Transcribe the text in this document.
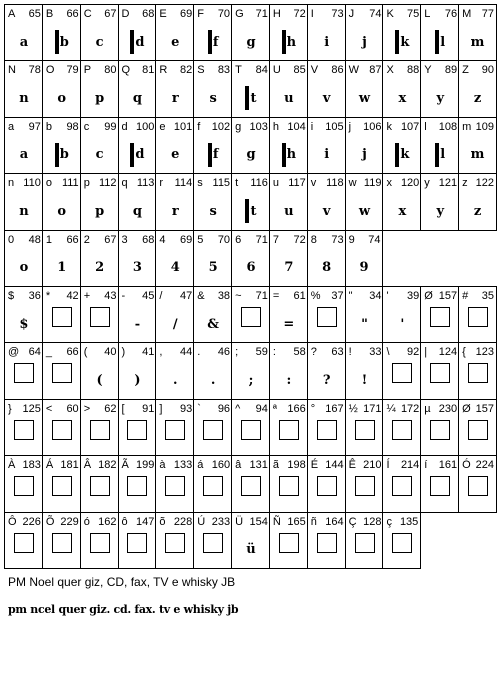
A 65
a
B 66
b
C 67
c
D 68
d
E 69
e
F 70
f
G 71
g
H 72
h
I 73
i
J 74
j
K 75
k
L 76
l
M 77
m
N 78
n
O 79
o
P 80
p
Q 81
q
R 82
r
S 83
s
T 84
t
U 85
u
V 86
v
W 87
w
X 88
x
Y 89
y
Z 90
z
a 97
a
b 98
b
c 99
c
d 100
d
e 101
e
f 102
f
g 103
g
h 104
h
i 105
i
j 106
j
k 107
k
l 108
l
m 109
m
n 110
n
o 111
o
p 112
p
q 113
q
r 114
r
s 115
s
t 116
t
u 117
u
v 118
v
w 119
w
x 120
x
y 121
y
z 122
z
0 48
o
1 66
1
2 67
2
3 68
3
4 69
4
5 70
5
6 71
6
7 72
7
8 73
8
9 74
9
$ 36
$
* 42 + 43 - 45
-
/ 47
/
& 38
&
~ 71 = 61
=
% 37 " 34
"
' 39
'
Ø 157 # 35
@ 64 _ 66 ( 40
(
) 41
)
, 44
.
. 46
.
; 59
;
: 58
:
? 63
?
! 33
!
\ 92 | 124 { 123
} 125 < 60 > 62 [ 91 ] 93 ` 96 ^ 94 ª 166 ° 167 ½ 171 ¼ 172 µ 230 Ø 157
À 183 Á 181 Â 182 Ã 199 à 133 á 160 â 131 ã 198 É 144 Ê 210 Í 214 í 161 Ó 224
Ô 226 Õ 229 ó 162 ô 147 õ 228 Ú 233 Ü 154
ü
Ñ 165 ñ 164 Ç 128 ç 135
PM Noel quer giz, CD, fax, TV e whisky JB
pm ncel quer giz. cd. fax. tv e whisky jb
